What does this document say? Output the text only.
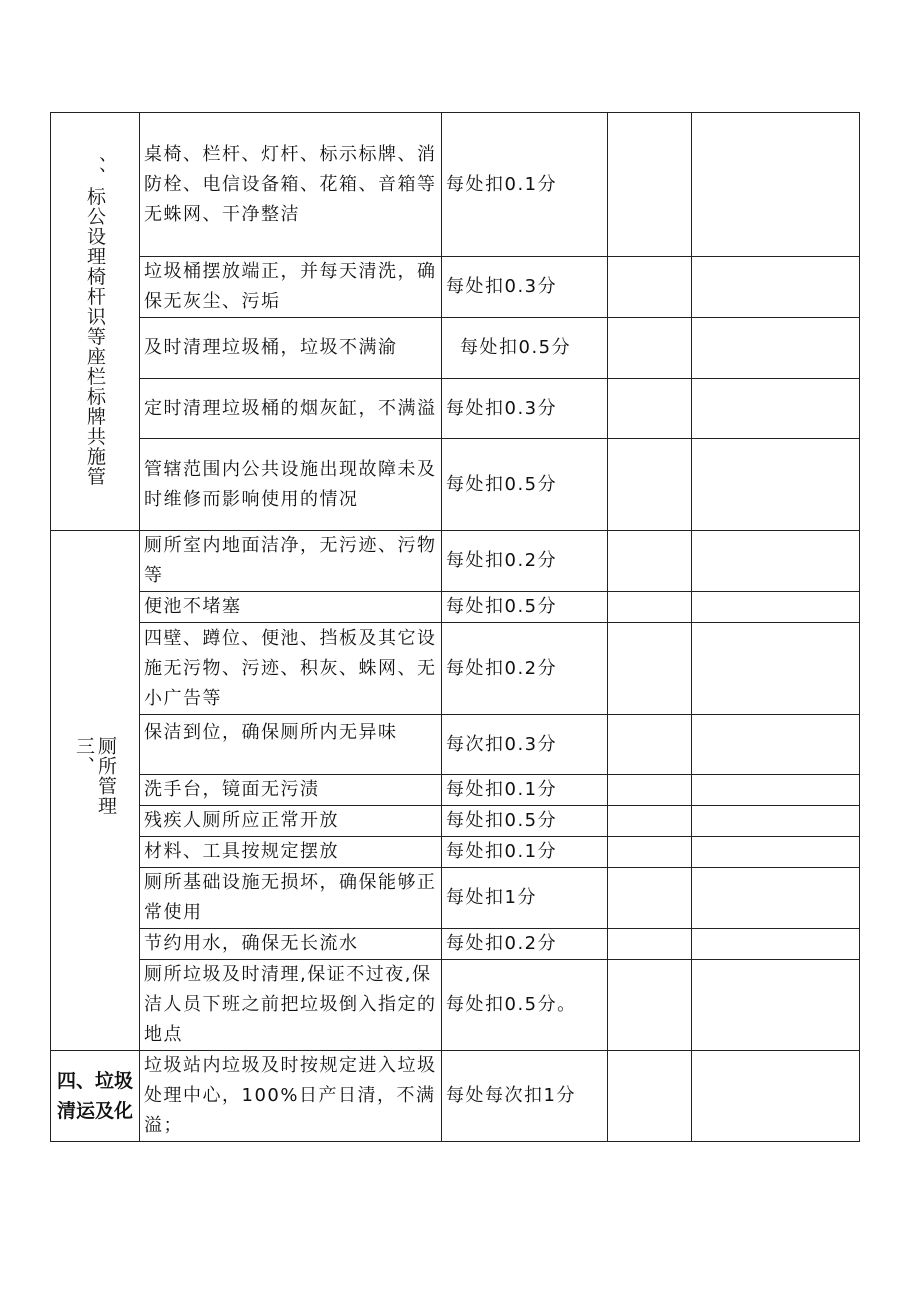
、、标公设理椅杆识等座栏标牌共施管	桌椅、栏杆、灯杆、标示标牌、消防栓、电信设备箱、花箱、音箱等无蛛网、干净整洁	每处扣0.1分		
	垃圾桶摆放端正，并每天清洗，确保无灰尘、污垢	每处扣0.3分		
	及时清理垃圾桶，垃圾不满渝	每处扣0.5分		
	定时清理垃圾桶的烟灰缸，不满溢	每处扣0.3分		
	管辖范围内公共设施出现故障未及时维修而影响使用的情况	每处扣0.5分		

厕所管理三、	厕所室内地面洁净，无污迹、污物等	每处扣0.2分		
	便池不堵塞	每处扣0.5分		
	四壁、蹲位、便池、挡板及其它设施无污物、污迹、积灰、蛛网、无小广告等	每处扣0.2分		
	保洁到位，确保厕所内无异味	每次扣0.3分		
	洗手台，镜面无污渍	每处扣0.1分		
	残疾人厕所应正常开放	每处扣0.5分		
	材料、工具按规定摆放	每处扣0.1分		
	厕所基础设施无损坏，确保能够正常使用	每处扣1分		
	节约用水，确保无长流水	每处扣0.2分		
	厕所垃圾及时清理,保证不过夜,保洁人员下班之前把垃圾倒入指定的地点	每处扣0.5分。		

四、垃圾清运及化	垃圾站内垃圾及时按规定进入垃圾处理中心，100%日产日清，不满溢；	每处每次扣1分		
